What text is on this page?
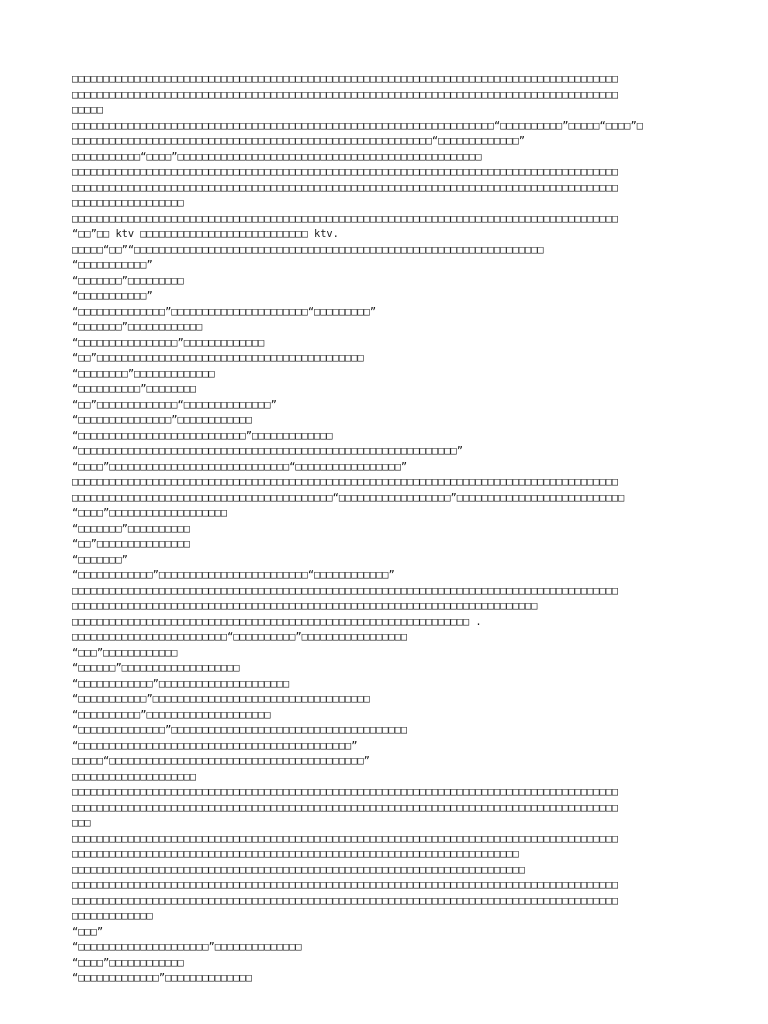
□□□□□□□□□□□□□□□□□□□□□□□□□□□□□□□□□□□□□□□□□□□□□□□□□□□□□□□□□□□□□□□□□□□□□□□□□□□□□□□□□□□□□□□□
□□□□□□□□□□□□□□□□□□□□□□□□□□□□□□□□□□□□□□□□□□□□□□□□□□□□□□□□□□□□□□□□□□□□□□□□□□□□□□□□□□□□□□□□
□□□□□
□□□□□□□□□□□□□□□□□□□□□□□□□□□□□□□□□□□□□□□□□□□□□□□□□□□□□□□□□□□□□□□□□□□□“□□□□□□□□□□”□□□□□“□□□□”□
□□□□□□□□□□□□□□□□□□□□□□□□□□□□□□□□□□□□□□□□□□□□□□□□□□□□□□□□□□“□□□□□□□□□□□□□”
□□□□□□□□□□□“□□□□”□□□□□□□□□□□□□□□□□□□□□□□□□□□□□□□□□□□□□□□□□□□□□□□□□
□□□□□□□□□□□□□□□□□□□□□□□□□□□□□□□□□□□□□□□□□□□□□□□□□□□□□□□□□□□□□□□□□□□□□□□□□□□□□□□□□□□□□□□□
□□□□□□□□□□□□□□□□□□□□□□□□□□□□□□□□□□□□□□□□□□□□□□□□□□□□□□□□□□□□□□□□□□□□□□□□□□□□□□□□□□□□□□□□
□□□□□□□□□□□□□□□□□□
□□□□□□□□□□□□□□□□□□□□□□□□□□□□□□□□□□□□□□□□□□□□□□□□□□□□□□□□□□□□□□□□□□□□□□□□□□□□□□□□□□□□□□□□
“□□”□□ ktv □□□□□□□□□□□□□□□□□□□□□□□□□□□ ktv.
□□□□□“□□”“□□□□□□□□□□□□□□□□□□□□□□□□□□□□□□□□□□□□□□□□□□□□□□□□□□□□□□□□□□□□□□□□□□
“□□□□□□□□□□□”
“□□□□□□□”□□□□□□□□□
“□□□□□□□□□□□”
“□□□□□□□□□□□□□□”□□□□□□□□□□□□□□□□□□□□□□“□□□□□□□□□”
“□□□□□□□”□□□□□□□□□□□□
“□□□□□□□□□□□□□□□□”□□□□□□□□□□□□□
“□□”□□□□□□□□□□□□□□□□□□□□□□□□□□□□□□□□□□□□□□□□□□□
“□□□□□□□□”□□□□□□□□□□□□□
“□□□□□□□□□□”□□□□□□□□
“□□”□□□□□□□□□□□□□“□□□□□□□□□□□□□□”
“□□□□□□□□□□□□□□□”□□□□□□□□□□□□
“□□□□□□□□□□□□□□□□□□□□□□□□□□□”□□□□□□□□□□□□□
“□□□□□□□□□□□□□□□□□□□□□□□□□□□□□□□□□□□□□□□□□□□□□□□□□□□□□□□□□□□□□”
“□□□□”□□□□□□□□□□□□□□□□□□□□□□□□□□□□□“□□□□□□□□□□□□□□□□□”
□□□□□□□□□□□□□□□□□□□□□□□□□□□□□□□□□□□□□□□□□□□□□□□□□□□□□□□□□□□□□□□□□□□□□□□□□□□□□□□□□□□□□□□□
□□□□□□□□□□□□□□□□□□□□□□□□□□□□□□□□□□□□□□□□□□“□□□□□□□□□□□□□□□□□□”□□□□□□□□□□□□□□□□□□□□□□□□□□□
“□□□□”□□□□□□□□□□□□□□□□□□□
“□□□□□□□”□□□□□□□□□□
“□□”□□□□□□□□□□□□□□□
“□□□□□□□”
“□□□□□□□□□□□□”□□□□□□□□□□□□□□□□□□□□□□□□“□□□□□□□□□□□□”
□□□□□□□□□□□□□□□□□□□□□□□□□□□□□□□□□□□□□□□□□□□□□□□□□□□□□□□□□□□□□□□□□□□□□□□□□□□□□□□□□□□□□□□□
□□□□□□□□□□□□□□□□□□□□□□□□□□□□□□□□□□□□□□□□□□□□□□□□□□□□□□□□□□□□□□□□□□□□□□□□□□□
□□□□□□□□□□□□□□□□□□□□□□□□□□□□□□□□□□□□□□□□□□□□□□□□□□□□□□□□□□□□□□□□ .
□□□□□□□□□□□□□□□□□□□□□□□□□“□□□□□□□□□□”□□□□□□□□□□□□□□□□□
“□□□”□□□□□□□□□□□□
“□□□□□□”□□□□□□□□□□□□□□□□□□□
“□□□□□□□□□□□□”□□□□□□□□□□□□□□□□□□□□□
“□□□□□□□□□□□”□□□□□□□□□□□□□□□□□□□□□□□□□□□□□□□□□□□
“□□□□□□□□□□”□□□□□□□□□□□□□□□□□□□□
“□□□□□□□□□□□□□□”□□□□□□□□□□□□□□□□□□□□□□□□□□□□□□□□□□□□□□
“□□□□□□□□□□□□□□□□□□□□□□□□□□□□□□□□□□□□□□□□□□□□”
□□□□□“□□□□□□□□□□□□□□□□□□□□□□□□□□□□□□□□□□□□□□□□□”
□□□□□□□□□□□□□□□□□□□□
□□□□□□□□□□□□□□□□□□□□□□□□□□□□□□□□□□□□□□□□□□□□□□□□□□□□□□□□□□□□□□□□□□□□□□□□□□□□□□□□□□□□□□□□
□□□□□□□□□□□□□□□□□□□□□□□□□□□□□□□□□□□□□□□□□□□□□□□□□□□□□□□□□□□□□□□□□□□□□□□□□□□□□□□□□□□□□□□□
□□□
□□□□□□□□□□□□□□□□□□□□□□□□□□□□□□□□□□□□□□□□□□□□□□□□□□□□□□□□□□□□□□□□□□□□□□□□□□□□□□□□□□□□□□□□
□□□□□□□□□□□□□□□□□□□□□□□□□□□□□□□□□□□□□□□□□□□□□□□□□□□□□□□□□□□□□□□□□□□□□□□□
□□□□□□□□□□□□□□□□□□□□□□□□□□□□□□□□□□□□□□□□□□□□□□□□□□□□□□□□□□□□□□□□□□□□□□□□□
□□□□□□□□□□□□□□□□□□□□□□□□□□□□□□□□□□□□□□□□□□□□□□□□□□□□□□□□□□□□□□□□□□□□□□□□□□□□□□□□□□□□□□□□
□□□□□□□□□□□□□□□□□□□□□□□□□□□□□□□□□□□□□□□□□□□□□□□□□□□□□□□□□□□□□□□□□□□□□□□□□□□□□□□□□□□□□□□□
□□□□□□□□□□□□□
“□□□”
“□□□□□□□□□□□□□□□□□□□□□”□□□□□□□□□□□□□□
“□□□□”□□□□□□□□□□□□
“□□□□□□□□□□□□□”□□□□□□□□□□□□□□
